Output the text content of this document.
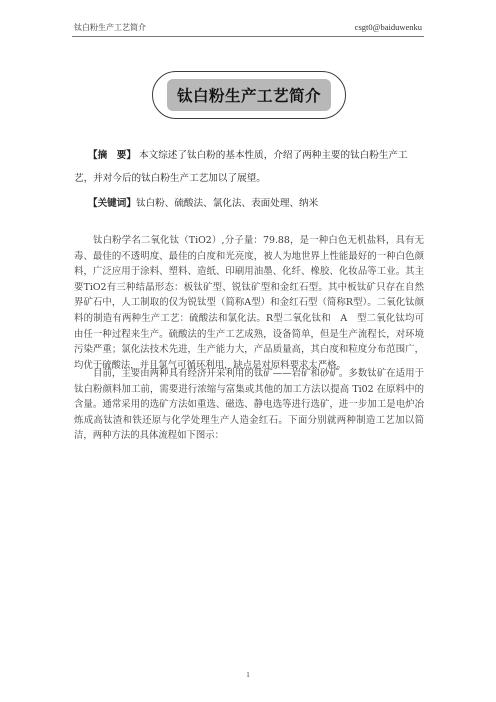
钛白粉生产工艺简介	csgt0@baiduwenku
钛白粉生产工艺简介
【摘　要】 本文综述了钛白粉的基本性质，介绍了两种主要的钛白粉生产工艺，并对今后的钛白粉生产工艺加以了展望。
【关键词】钛白粉、硫酸法、氯化法、表面处理、纳米

钛白粉学名二氧化钛（TiO2）,分子量：79.88，是一种白色无机盐料，具有无毒、最佳的不透明度、最佳的白度和光亮度，被人为地世界上性能最好的一种白色颜料，广泛应用于涂料、塑料、造纸、印刷用油墨、化纤、橡胶、化妆品等工业。其主要TiO2有三种结晶形态：板钛矿型、锐钛矿型和金红石型。其中板钛矿只存在自然界矿石中，人工制取的仅为锐钛型（简称A型）和金红石型（简称R型）。二氧化钛颜料的制造有两种生产工艺：硫酸法和氯化法。R型二氧化钛和　A　型二氧化钛均可由任一种过程来生产。硫酸法的生产工艺成熟，设备简单，但是生产流程长，对环境污染严重；氯化法技术先进，生产能力大，产品质量高，其白度和粒度分布范围广，均优于硫酸法，并且氯气可循环利用，缺点是对原料要求太严格。

目前，主要由两种具有经济开采利用的钛矿——岩矿和砂矿。多数钛矿在适用于钛白粉颜料加工前，需要进行浓缩与富集或其他的加工方法以提高 Ti02 在原料中的含量。通常采用的选矿方法如重选、磁选、静电选等进行选矿，进一步加工是电炉冶炼成高钛渣和铁还原与化学处理生产人造金红石。下面分别就两种制造工艺加以简洁，两种方法的具体流程如下图示：

1
